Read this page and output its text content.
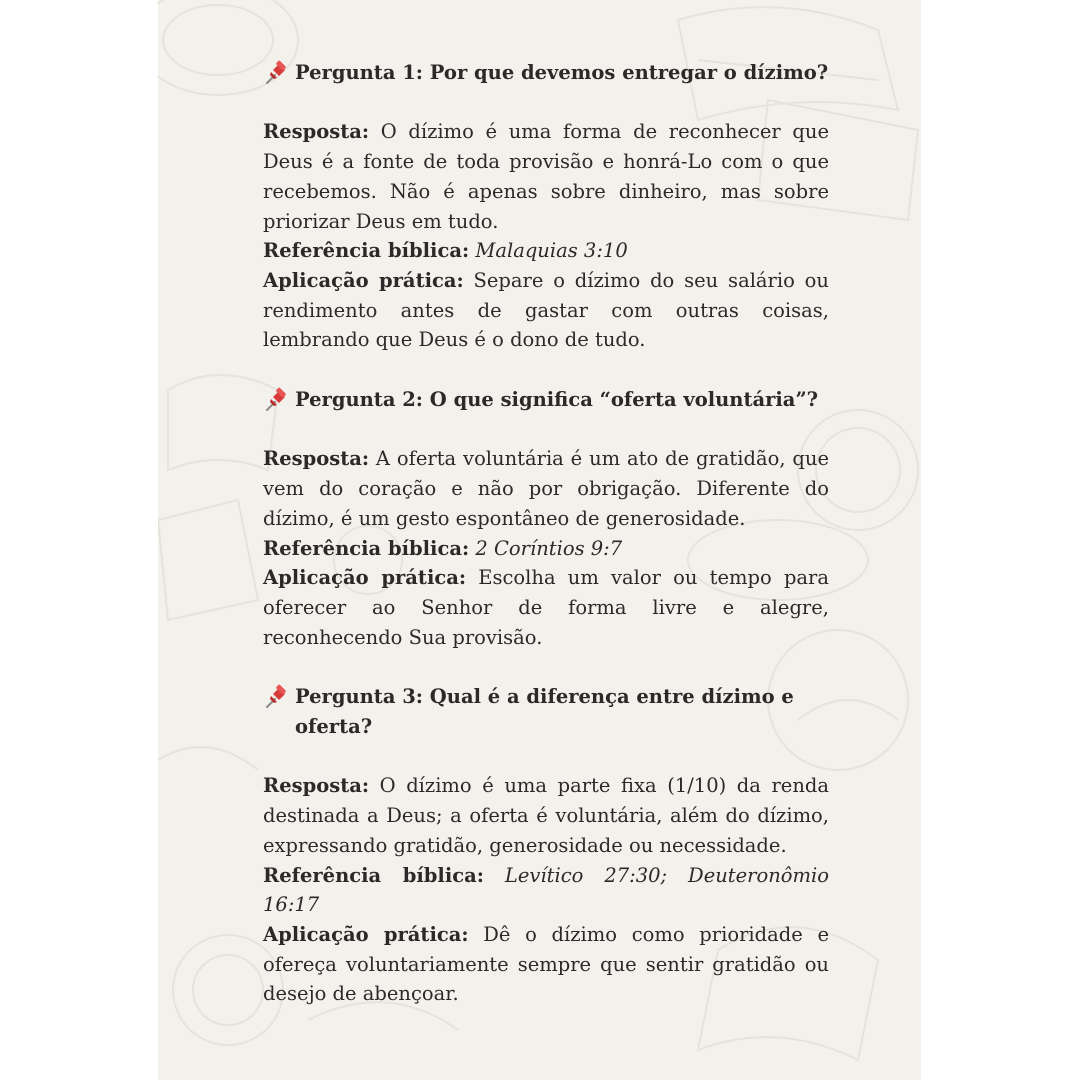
Pergunta 1: Por que devemos entregar o dízimo?

Resposta: O dízimo é uma forma de reconhecer que Deus é a fonte de toda provisão e honrá-Lo com o que recebemos. Não é apenas sobre dinheiro, mas sobre priorizar Deus em tudo.

Referência bíblica: Malaquias 3:10

Aplicação prática: Separe o dízimo do seu salário ou rendimento antes de gastar com outras coisas, lembrando que Deus é o dono de tudo.

Pergunta 2: O que significa “oferta voluntária”?

Resposta: A oferta voluntária é um ato de gratidão, que vem do coração e não por obrigação. Diferente do dízimo, é um gesto espontâneo de generosidade.

Referência bíblica: 2 Coríntios 9:7

Aplicação prática: Escolha um valor ou tempo para oferecer ao Senhor de forma livre e alegre, reconhecendo Sua provisão.

Pergunta 3: Qual é a diferença entre dízimo e oferta?

Resposta: O dízimo é uma parte fixa (1/10) da renda destinada a Deus; a oferta é voluntária, além do dízimo, expressando gratidão, generosidade ou necessidade.

Referência bíblica: Levítico 27:30; Deuteronômio 16:17

Aplicação prática: Dê o dízimo como prioridade e ofereça voluntariamente sempre que sentir gratidão ou desejo de abençoar.
